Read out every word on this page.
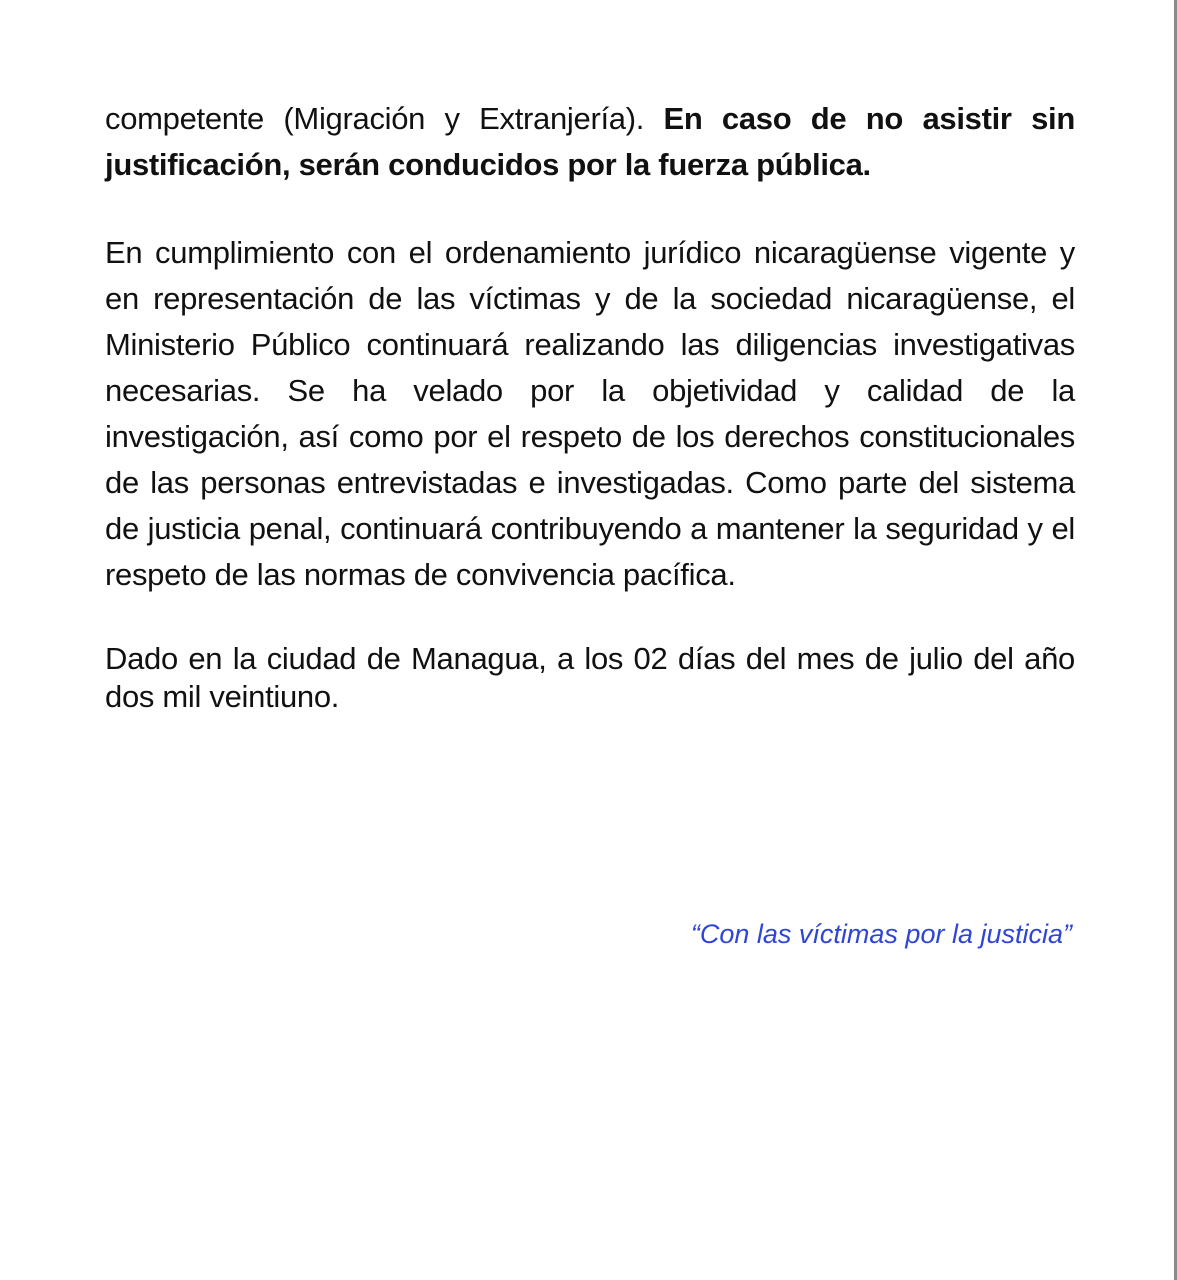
competente (Migración y Extranjería). En caso de no asistir sin justificación, serán conducidos por la fuerza pública.

En cumplimiento con el ordenamiento jurídico nicaragüense vigente y en representación de las víctimas y de la sociedad nicaragüense, el Ministerio Público continuará realizando las diligencias investigativas necesarias. Se ha velado por la objetividad y calidad de la investigación, así como por el respeto de los derechos constitucionales de las personas entrevistadas e investigadas. Como parte del sistema de justicia penal, continuará contribuyendo a mantener la seguridad y el respeto de las normas de convivencia pacífica.

Dado en la ciudad de Managua, a los 02 días del mes de julio del año dos mil veintiuno.

“Con las víctimas por la justicia”
